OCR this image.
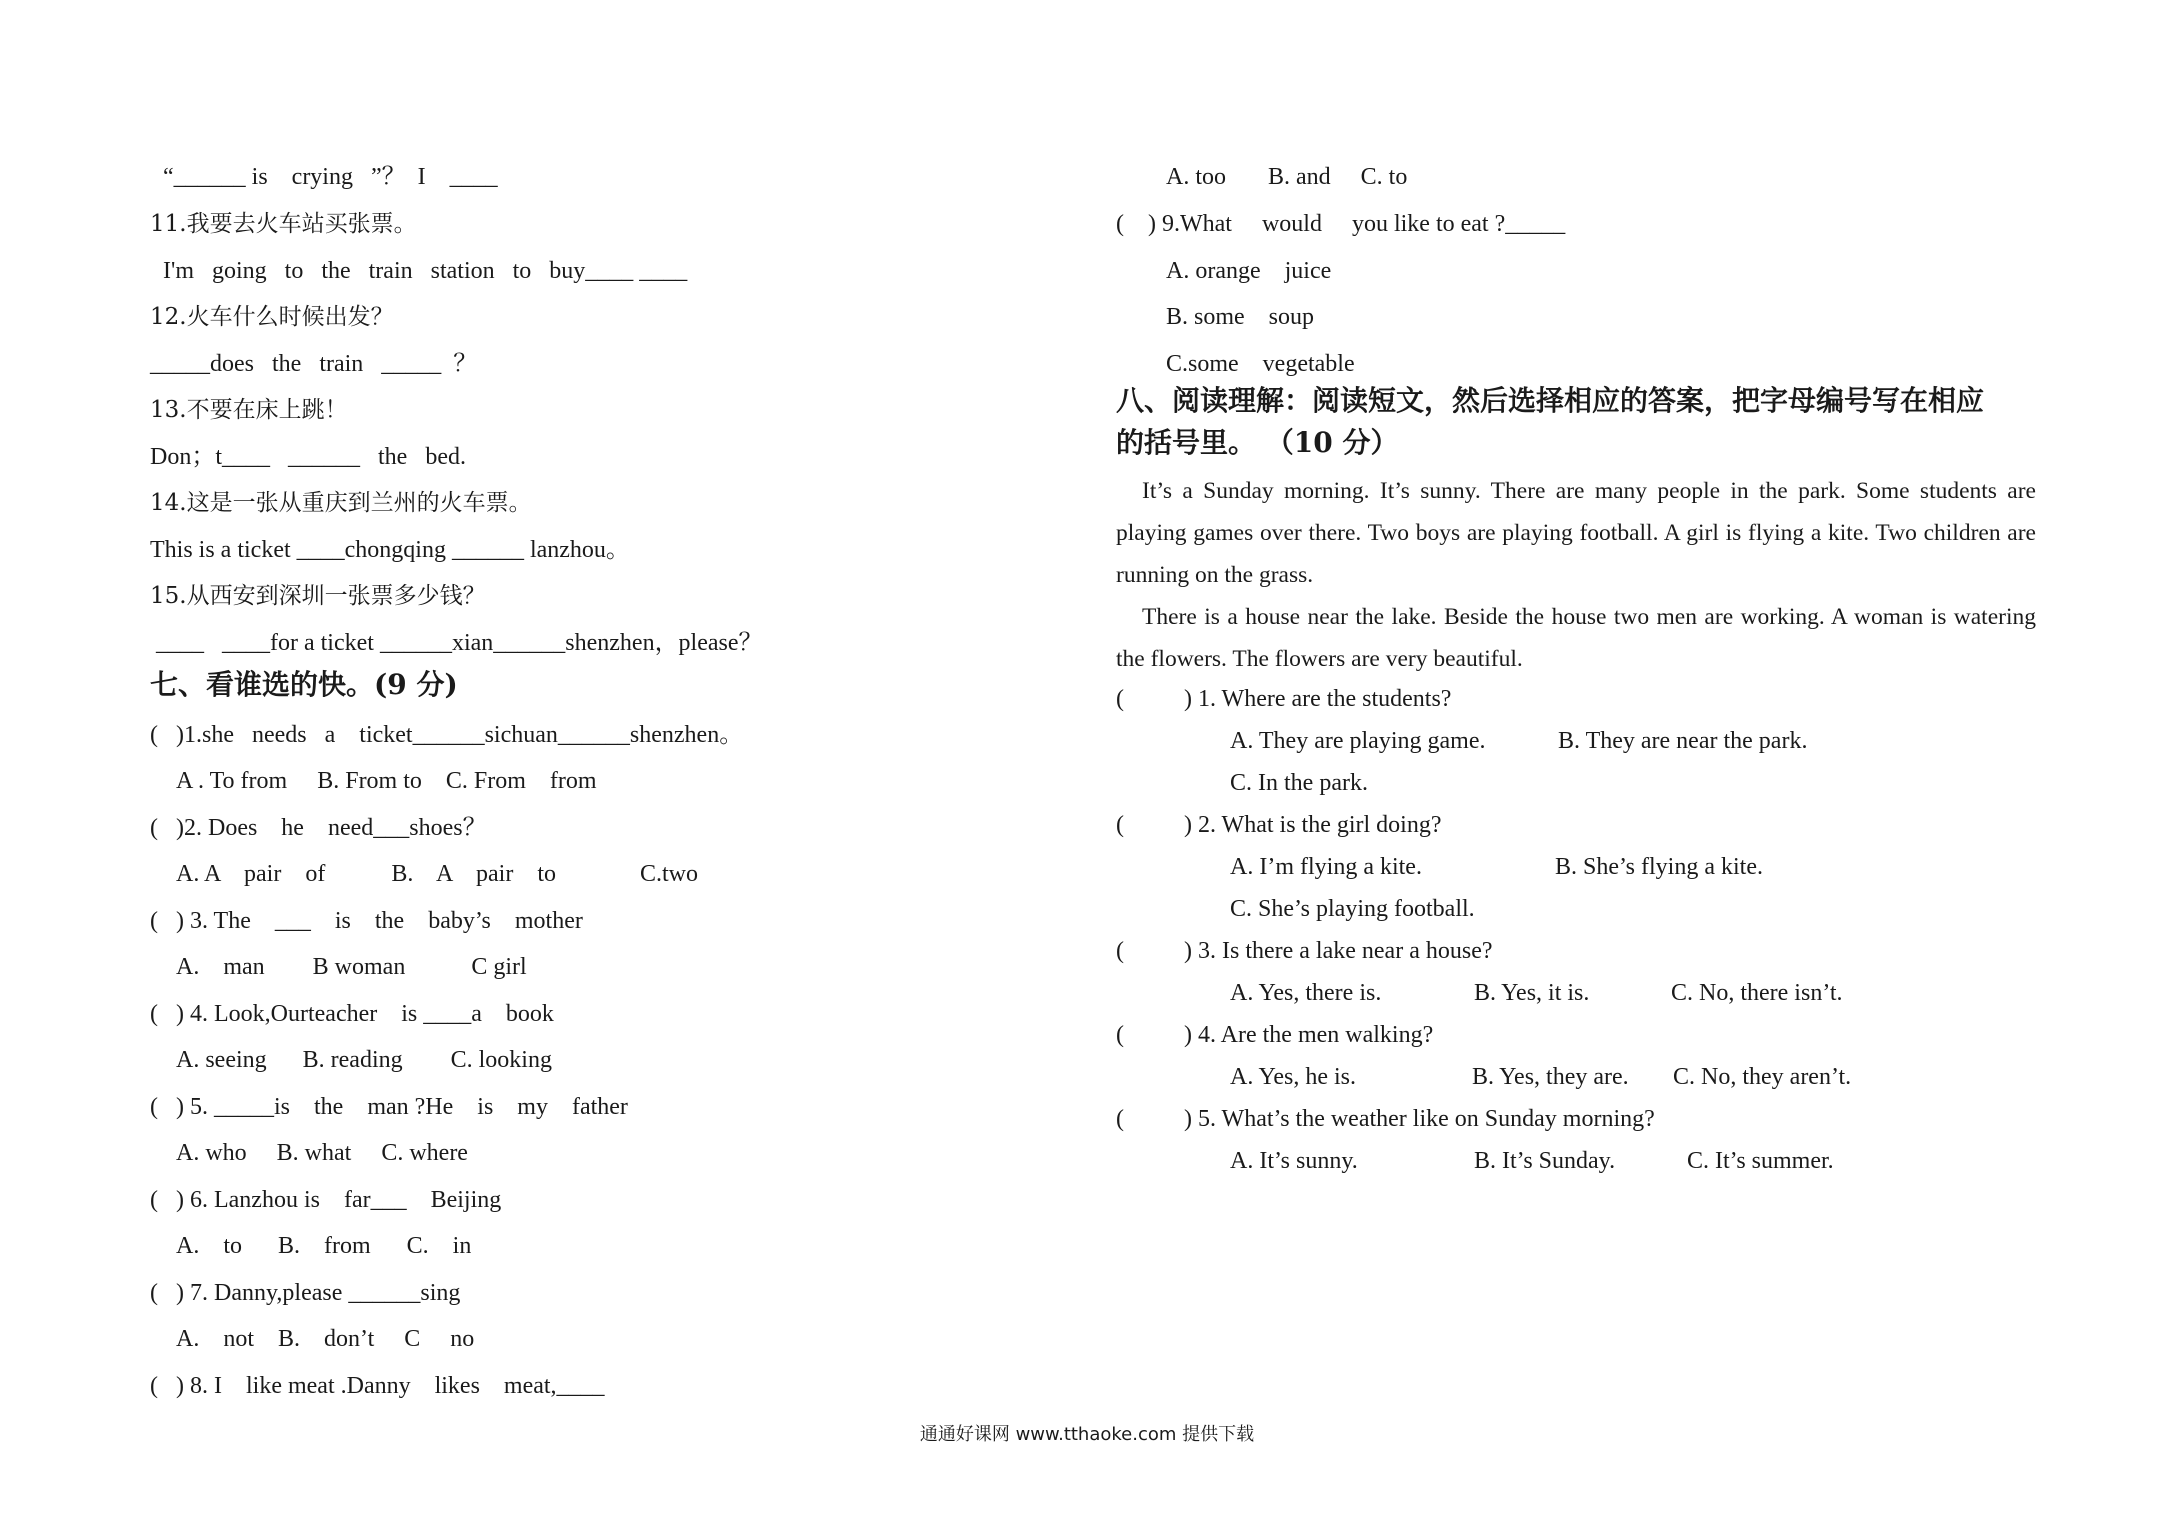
“______ is    crying   ”？  I    ____
11.我要去火车站买张票。
I'm   going   to   the   train   station   to   buy____ ____
12.火车什么时候出发？
_____does   the   train   _____  ？
13.不要在床上跳！
Don；t____   ______   the   bed.
14.这是一张从重庆到兰州的火车票。
This is a ticket ____chongqing ______ lanzhou。
15.从西安到深圳一张票多少钱？
____   ____for a ticket ______xian______shenzhen，please？
七、看谁选的快。(9 分)
(   )1.she   needs   a    ticket______sichuan______shenzhen。
A . To from     B. From to    C. From    from
(   )2. Does    he    need___shoes？
A. A    pair    of           B.    A    pair    to              C.two
(   ) 3. The    ___    is    the    baby’s    mother
A.    man        B woman           C girl
(   ) 4. Look,Ourteacher    is ____a    book
A. seeing      B. reading        C. looking
(   ) 5. _____is    the    man ?He    is    my    father
A. who     B. what     C. where
(   ) 6. Lanzhou is    far___    Beijing
A.    to      B.    from      C.    in
(   ) 7. Danny,please ______sing
A.    not    B.    don’t     C     no
(   ) 8. I    like meat .Danny    likes    meat,____
A. too       B. and     C. to
(    ) 9.What     would     you like to eat ?_____
A. orange    juice
B. some    soup
C.some    vegetable
八、阅读理解：阅读短文，然后选择相应的答案，把字母编号写在相应
的括号里。 （10 分）
It’s a Sunday morning. It’s sunny. There are many people in the park. Some students are playing games over there. Two boys are playing football. A girl is flying a kite. Two children are running on the grass.
There is a house near the lake. Beside the house two men are working. A woman is watering the flowers. The flowers are very beautiful.
(          ) 1. Where are the students?
A. They are playing game.	B. They are near the park.
C. In the park.
(          ) 2. What is the girl doing?
A. I’m flying a kite.	B. She’s flying a kite.
C. She’s playing football.
(          ) 3. Is there a lake near a house?
A. Yes, there is.	B. Yes, it is.	C. No, there isn’t.
(          ) 4. Are the men walking?
A. Yes, he is.	B. Yes, they are. C. No, they aren’t.
(          ) 5. What’s the weather like on Sunday morning?
A. It’s sunny.	B. It’s Sunday.	C. It’s summer.
通通好课网 www.tthaoke.com 提供下载
